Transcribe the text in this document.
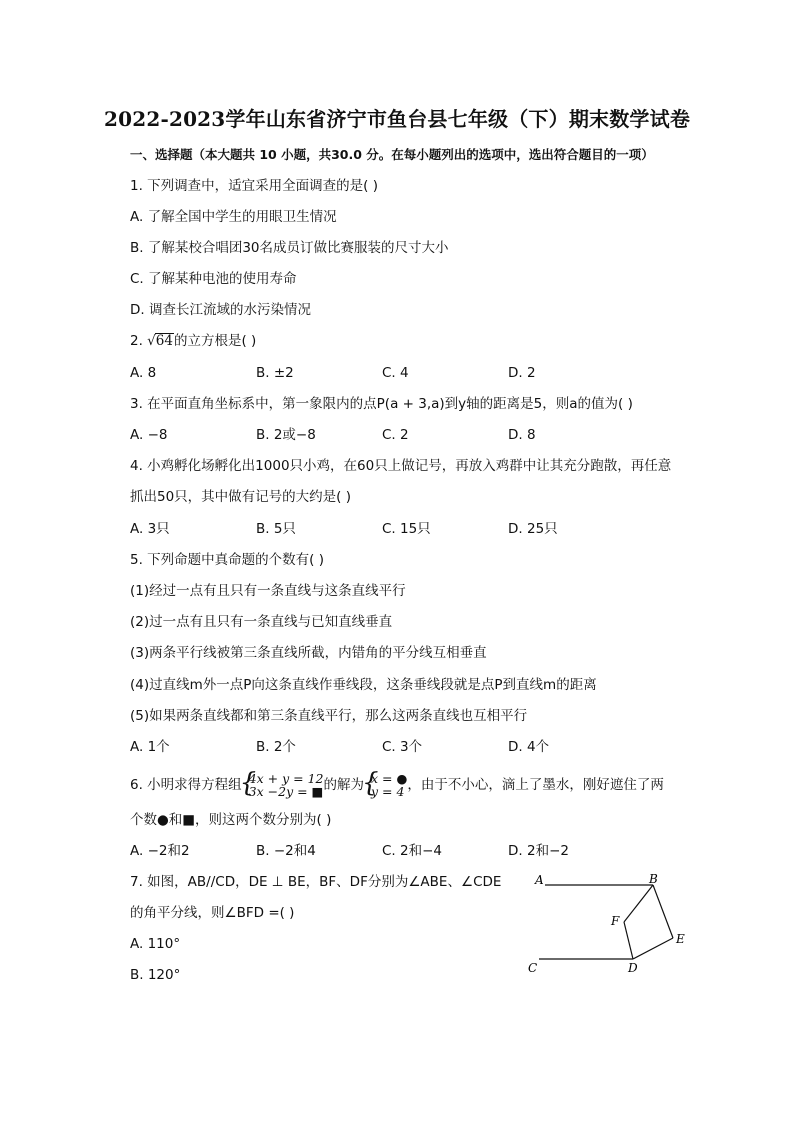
2022-2023学年山东省济宁市鱼台县七年级（下）期末数学试卷
一、选择题（本大题共 10 小题，共30.0 分。在每小题列出的选项中，选出符合题目的一项）
1. 下列调查中，适宜采用全面调查的是( )
A. 了解全国中学生的用眼卫生情况
B. 了解某校合唱团30名成员订做比赛服装的尺寸大小
C. 了解某种电池的使用寿命
D. 调查长江流域的水污染情况
2. √64的立方根是( )
A. 8	B. ±2	C. 4	D. 2
3. 在平面直角坐标系中，第一象限内的点P(a + 3,a)到y轴的距离是5，则a的值为( )
A. −8	B. 2或−8	C. 2	D. 8
4. 小鸡孵化场孵化出1000只小鸡，在60只上做记号，再放入鸡群中让其充分跑散，再任意
抓出50只，其中做有记号的大约是( )
A. 3只	B. 5只	C. 15只	D. 25只
5. 下列命题中真命题的个数有( )
(1)经过一点有且只有一条直线与这条直线平行
(2)过一点有且只有一条直线与已知直线垂直
(3)两条平行线被第三条直线所截，内错角的平分线互相垂直
(4)过直线m外一点P向这条直线作垂线段，这条垂线段就是点P到直线m的距离
(5)如果两条直线都和第三条直线平行，那么这两条直线也互相平行
A. 1个	B. 2个	C. 3个	D. 4个
6. 小明求得方程组 { 4x + y = 12
3x −2y = ■ 的解为 { x = ●
y = 4 ，由于不小心，滴上了墨水，刚好遮住了两
个数●和■，则这两个数分别为( )
A. −2和2	B. −2和4	C. 2和−4	D. 2和−2
7. 如图，AB//CD，DE ⊥ BE，BF、DF分别为∠ABE、∠CDE
的角平分线，则∠BFD =( )
A. 110°
B. 120°
A	B
C	D
E
F
